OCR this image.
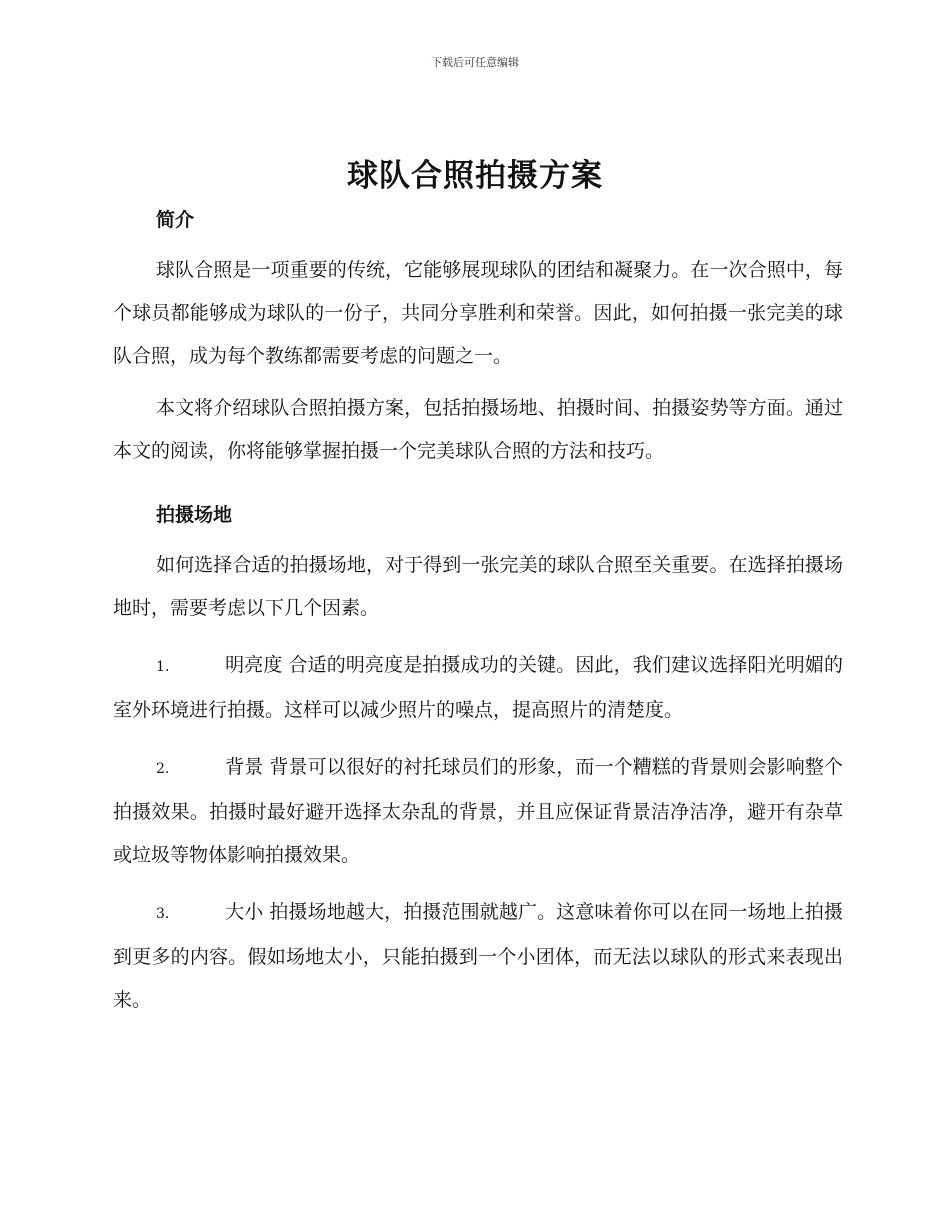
下载后可任意编辑
球队合照拍摄方案
简介

球队合照是一项重要的传统，它能够展现球队的团结和凝聚力。在一次合照中，每个球员都能够成为球队的一份子，共同分享胜利和荣誉。因此，如何拍摄一张完美的球队合照，成为每个教练都需要考虑的问题之一。

本文将介绍球队合照拍摄方案，包括拍摄场地、拍摄时间、拍摄姿势等方面。通过本文的阅读，你将能够掌握拍摄一个完美球队合照的方法和技巧。

拍摄场地

如何选择合适的拍摄场地，对于得到一张完美的球队合照至关重要。在选择拍摄场地时，需要考虑以下几个因素。

1.	明亮度 合适的明亮度是拍摄成功的关键。因此，我们建议选择阳光明媚的室外环境进行拍摄。这样可以减少照片的噪点，提高照片的清楚度。

2.	背景 背景可以很好的衬托球员们的形象，而一个糟糕的背景则会影响整个拍摄效果。拍摄时最好避开选择太杂乱的背景，并且应保证背景洁净洁净，避开有杂草或垃圾等物体影响拍摄效果。

3.	大小 拍摄场地越大，拍摄范围就越广。这意味着你可以在同一场地上拍摄到更多的内容。假如场地太小，只能拍摄到一个小团体，而无法以球队的形式来表现出来。
